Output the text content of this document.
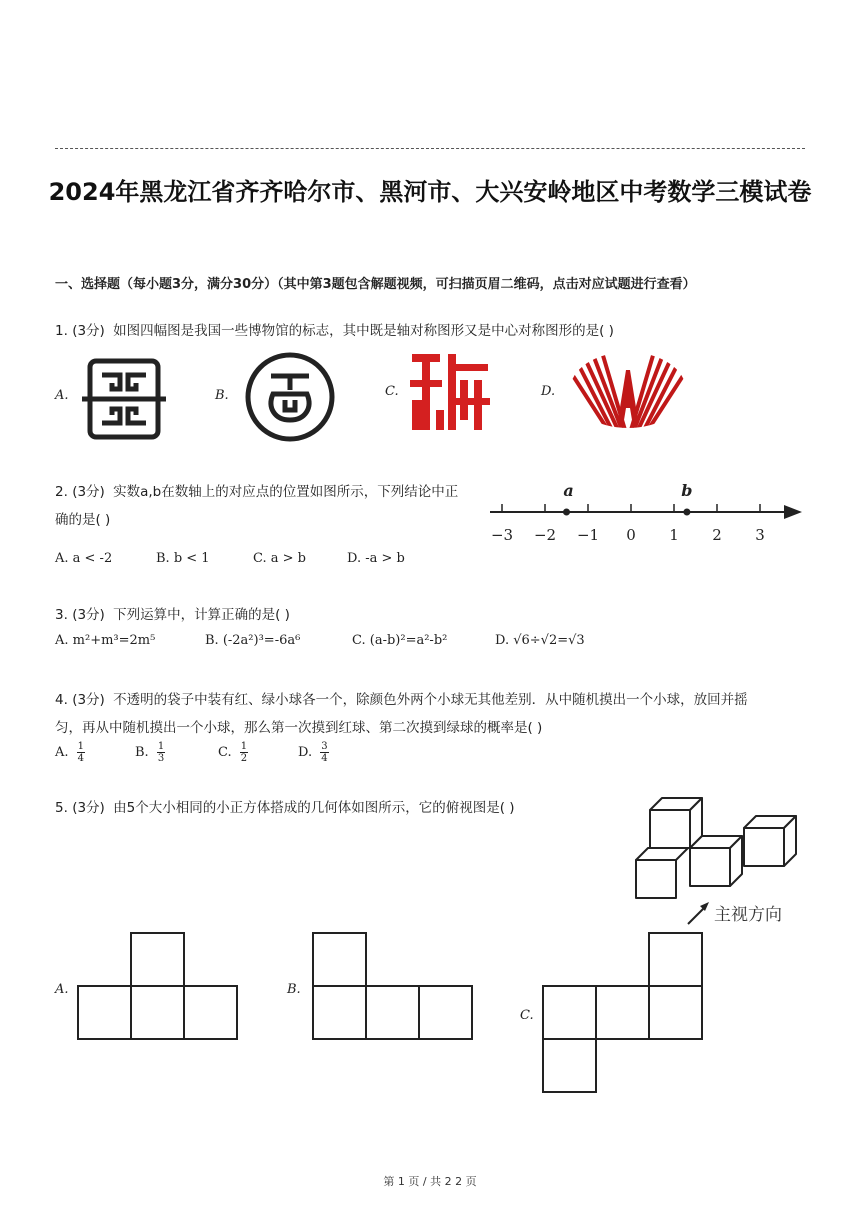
2024年黑龙江省齐齐哈尔市、黑河市、大兴安岭地区中考数学三模试卷
一、选择题（每小题3分，满分30分）（其中第3题包含解题视频，可扫描页眉二维码，点击对应试题进行查看）
1. (3分) 如图四幅图是我国一些博物馆的标志，其中既是轴对称图形又是中心对称图形的是( )
A.	B.	C.	D.
2. (3分) 实数a,b在数轴上的对应点的位置如图所示，下列结论中正
确的是( )
−3 −2 −1 0 1 2 3
a	b
A. a < -2	B. b < 1	C. a > b	D. -a > b
3. (3分) 下列运算中，计算正确的是( )
A. m²+m³=2m⁵	B. (-2a²)³=-6a⁶	C. (a-b)²=a²-b²	D. √6÷√2=√3
4. (3分) 不透明的袋子中装有红、绿小球各一个，除颜色外两个小球无其他差别．从中随机摸出一个小球，放回并摇
匀，再从中随机摸出一个小球，那么第一次摸到红球、第二次摸到绿球的概率是( )
A. $\frac{1}{4}$	B. $\frac{1}{3}$	C. $\frac{1}{2}$	D. $\frac{3}{4}$
5. (3分) 由5个大小相同的小正方体搭成的几何体如图所示，它的俯视图是( )
主视方向
A.	B.
C.
第 1 页 / 共 2 2 页
